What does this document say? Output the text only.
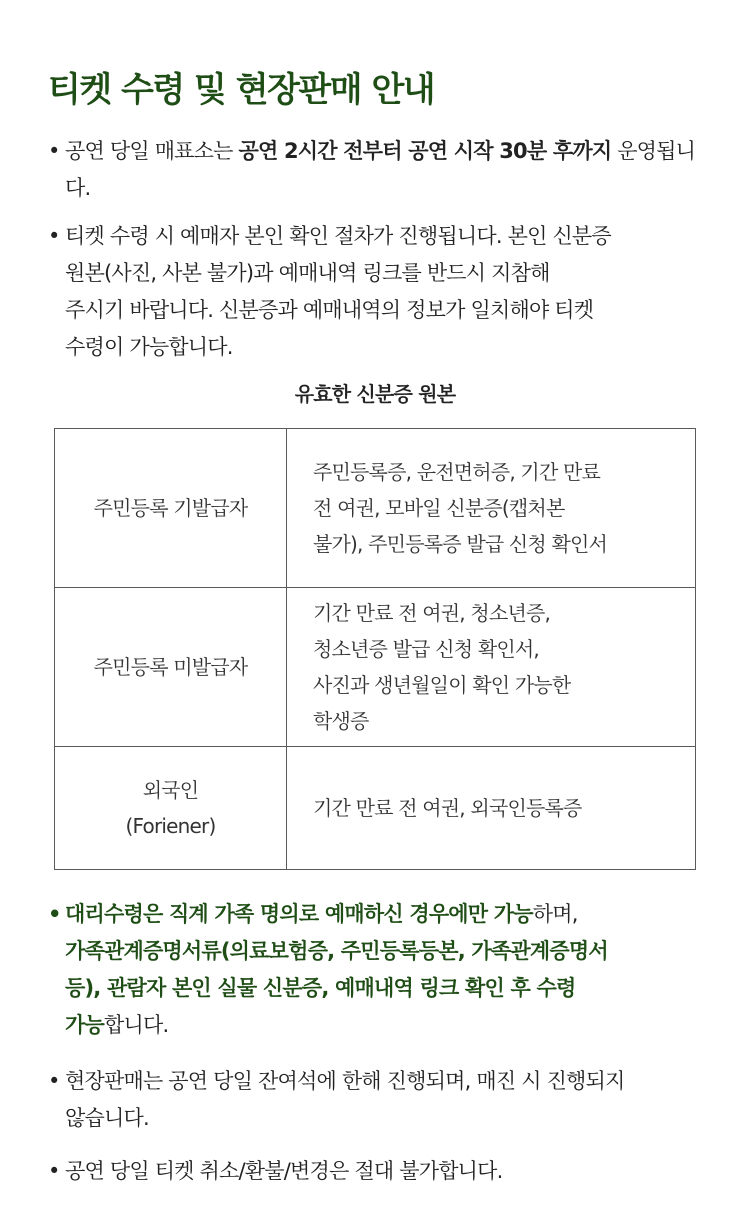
티켓 수령 및 현장판매 안내
• 공연 당일 매표소는 공연 2시간 전부터 공연 시작 30분 후까지 운영됩니다.
• 티켓 수령 시 예매자 본인 확인 절차가 진행됩니다. 본인 신분증
원본(사진, 사본 불가)과 예매내역 링크를 반드시 지참해
주시기 바랍니다. 신분증과 예매내역의 정보가 일치해야 티켓
수령이 가능합니다.
유효한 신분증 원본
주민등록 기발급자	주민등록증, 운전면허증, 기간 만료
전 여권, 모바일 신분증(캡처본
불가), 주민등록증 발급 신청 확인서

주민등록 미발급자	기간 만료 전 여권, 청소년증,
청소년증 발급 신청 확인서,
사진과 생년월일이 확인 가능한
학생증

외국인
(Foriener)	기간 만료 전 여권, 외국인등록증
• 대리수령은 직계 가족 명의로 예매하신 경우에만 가능하며,
가족관계증명서류(의료보험증, 주민등록등본, 가족관계증명서
등), 관람자 본인 실물 신분증, 예매내역 링크 확인 후 수령
가능합니다.
• 현장판매는 공연 당일 잔여석에 한해 진행되며, 매진 시 진행되지
않습니다.
• 공연 당일 티켓 취소/환불/변경은 절대 불가합니다.
